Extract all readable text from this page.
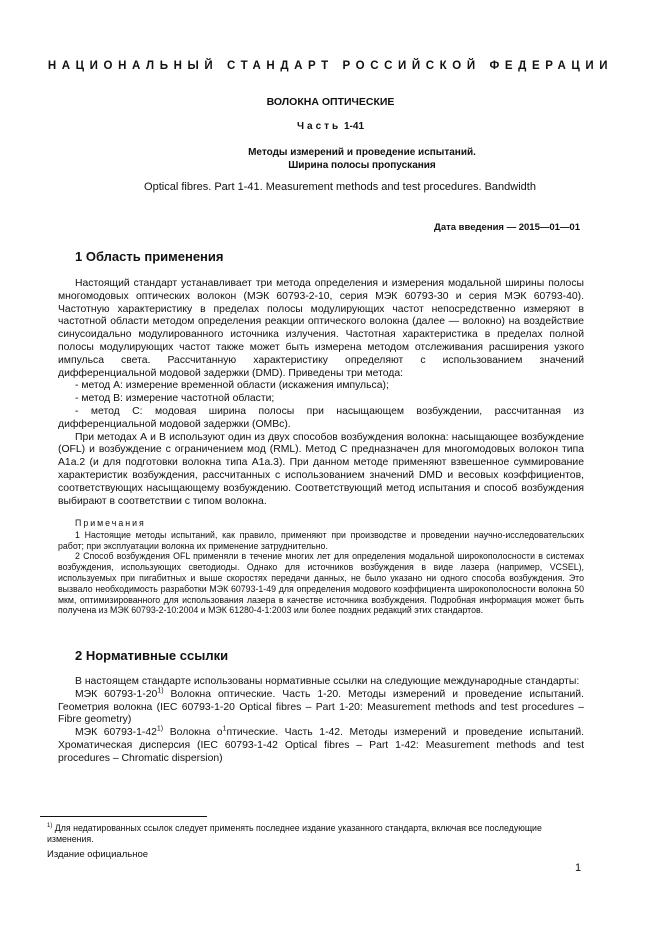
НАЦИОНАЛЬНЫЙ СТАНДАРТ РОССИЙСКОЙ ФЕДЕРАЦИИ
ВОЛОКНА ОПТИЧЕСКИЕ
Часть 1-41
Методы измерений и проведение испытаний.
Ширина полосы пропускания
Optical fibres. Part 1-41. Measurement methods and test procedures. Bandwidth
Дата введения — 2015—01—01
1 Область применения

Настоящий стандарт устанавливает три метода определения и измерения модальной ширины полосы многомодовых оптических волокон (МЭК 60793-2-10, серия МЭК 60793-30 и серия МЭК 60793-40). Частотную характеристику в пределах полосы модулирующих частот непосредственно измеряют в частотной области методом определения реакции оптического волокна (далее — волокно) на воздействие синусоидально модулированного источника излучения. Частотная характеристика в пределах полной полосы модулирующих частот также может быть измерена методом отслеживания расширения узкого импульса света. Рассчитанную характеристику определяют с использованием значений дифференциальной модовой задержки (DMD). Приведены три метода:

- метод А: измерение временной области (искажения импульса);

- метод В: измерение частотной области;

- метод С: модовая ширина полосы при насыщающем возбуждении, рассчитанная из дифференциальной модовой задержки (OMBc).

При методах А и В используют один из двух способов возбуждения волокна: насыщающее возбуждение (OFL) и возбуждение с ограничением мод (RML). Метод С предназначен для многомодовых волокон типа А1а.2 (и для подготовки волокна типа А1а.3). При данном методе применяют взвешенное суммирование характеристик возбуждения, рассчитанных с использованием значений DMD и весовых коэффициентов, соответствующих насыщающему возбуждению. Соответствующий метод испытания и способ возбуждения выбирают в соответствии с типом волокна.

Примечания

1 Настоящие методы испытаний, как правило, применяют при производстве и проведении научно-исследовательских работ; при эксплуатации волокна их применение затруднительно.

2 Способ возбуждения OFL применяли в течение многих лет для определения модальной широкополосности в системах возбуждения, использующих светодиоды. Однако для источников возбуждения в виде лазера (например, VCSEL), используемых при пигабитных и выше скоростях передачи данных, не было указано ни одного способа возбуждения. Это вызвало необходимость разработки МЭК 60793-1-49 для определения модового коэффициента широкополосности волокна 50 мкм, оптимизированного для использования лазера в качестве источника возбуждения. Подробная информация может быть получена из МЭК 60793-2-10:2004 и МЭК 61280-4-1:2003 или более поздних редакций этих стандартов.

2 Нормативные ссылки

В настоящем стандарте использованы нормативные ссылки на следующие международные стандарты:

МЭК 60793-1-20$^{1)}$ Волокна оптические. Часть 1-20. Методы измерений и проведение испытаний. Геометрия волокна (IEC 60793-1-20 Optical fibres – Part 1-20: Measurement methods and test procedures – Fibre geometry)

МЭК 60793-1-42$^{1)}$ Волокна $о^1птические$. Часть 1-42. Методы измерений и проведение испытаний. Хроматическая дисперсия (IEC 60793-1-42 Optical fibres – Part 1-42: Measurement methods and test procedures – Chromatic dispersion)

$^{1)}$ Для недатированных ссылок следует применять последнее издание указанного стандарта, включая все последующие изменения.
Издание официальное
1
